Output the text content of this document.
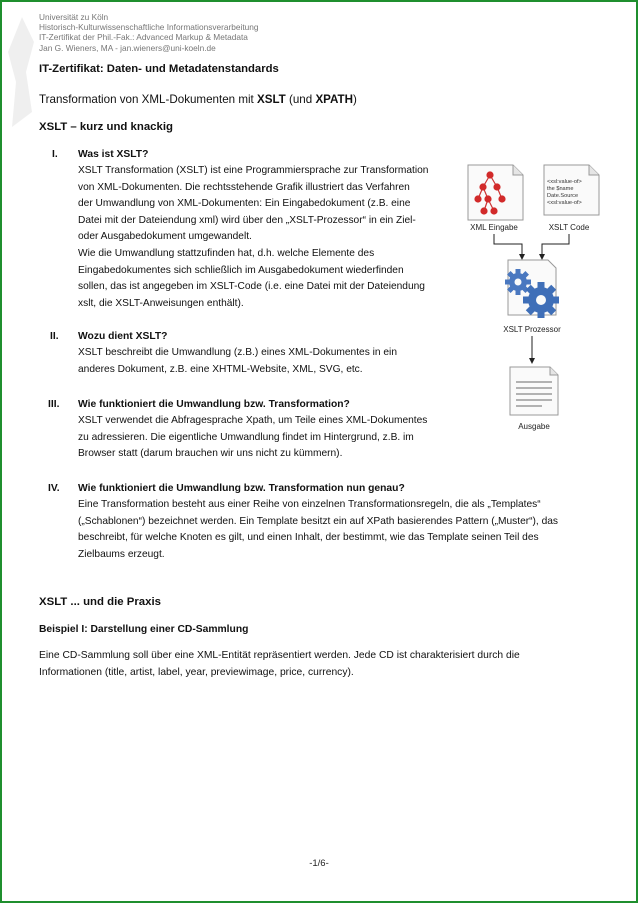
Universität zu Köln
Historisch-Kulturwissenschaftliche Informationsverarbeitung
IT-Zertifikat der Phil.-Fak.: Advanced Markup & Metadata
Jan G. Wieners, MA - jan.wieners@uni-koeln.de
IT-Zertifikat: Daten- und Metadatenstandards
Transformation von XML-Dokumenten mit XSLT (und XPATH)
XSLT – kurz und knackig
I. Was ist XSLT?
XSLT Transformation (XSLT) ist eine Programmiersprache zur Transformation
von XML-Dokumenten. Die rechtsstehende Grafik illustriert das Verfahren
der Umwandlung von XML-Dokumenten: Ein Eingabedokument (z.B. eine
Datei mit der Dateiendung xml) wird über den „XSLT-Prozessor“ in ein Ziel-
oder Ausgabedokument umgewandelt.
Wie die Umwandlung stattzufinden hat, d.h. welche Elemente des
Eingabedokumentes sich schließlich im Ausgabedokument wiederfinden
sollen, das ist angegeben im XSLT-Code (i.e. eine Datei mit der Dateiendung
xslt, die XSLT-Anweisungen enthält).
II. Wozu dient XSLT?
XSLT beschreibt die Umwandlung (z.B.) eines XML-Dokumentes in ein
anderes Dokument, z.B. eine XHTML-Website, XML, SVG, etc.
III. Wie funktioniert die Umwandlung bzw. Transformation?
XSLT verwendet die Abfragesprache Xpath, um Teile eines XML-Dokumentes
zu adressieren. Die eigentliche Umwandlung findet im Hintergrund, z.B. im
Browser statt (darum brauchen wir uns nicht zu kümmern).
IV. Wie funktioniert die Umwandlung bzw. Transformation nun genau?
Eine Transformation besteht aus einer Reihe von einzelnen Transformationsregeln, die als „Templates“
(„Schablonen“) bezeichnet werden. Ein Template besitzt ein auf XPath basierendes Pattern („Muster“), das
beschreibt, für welche Knoten es gilt, und einen Inhalt, der bestimmt, wie das Template seinen Teil des
Zielbaums erzeugt.
XML Eingabe
<xsl:value-of>
the $name
Date.Source
<xsl:value-of>
XSLT Code
XSLT Prozessor
Ausgabe
XSLT ... und die Praxis
Beispiel I: Darstellung einer CD-Sammlung
Eine CD-Sammlung soll über eine XML-Entität repräsentiert werden. Jede CD ist charakterisiert durch die
Informationen (title, artist, label, year, previewimage, price, currency).
-1/6-
